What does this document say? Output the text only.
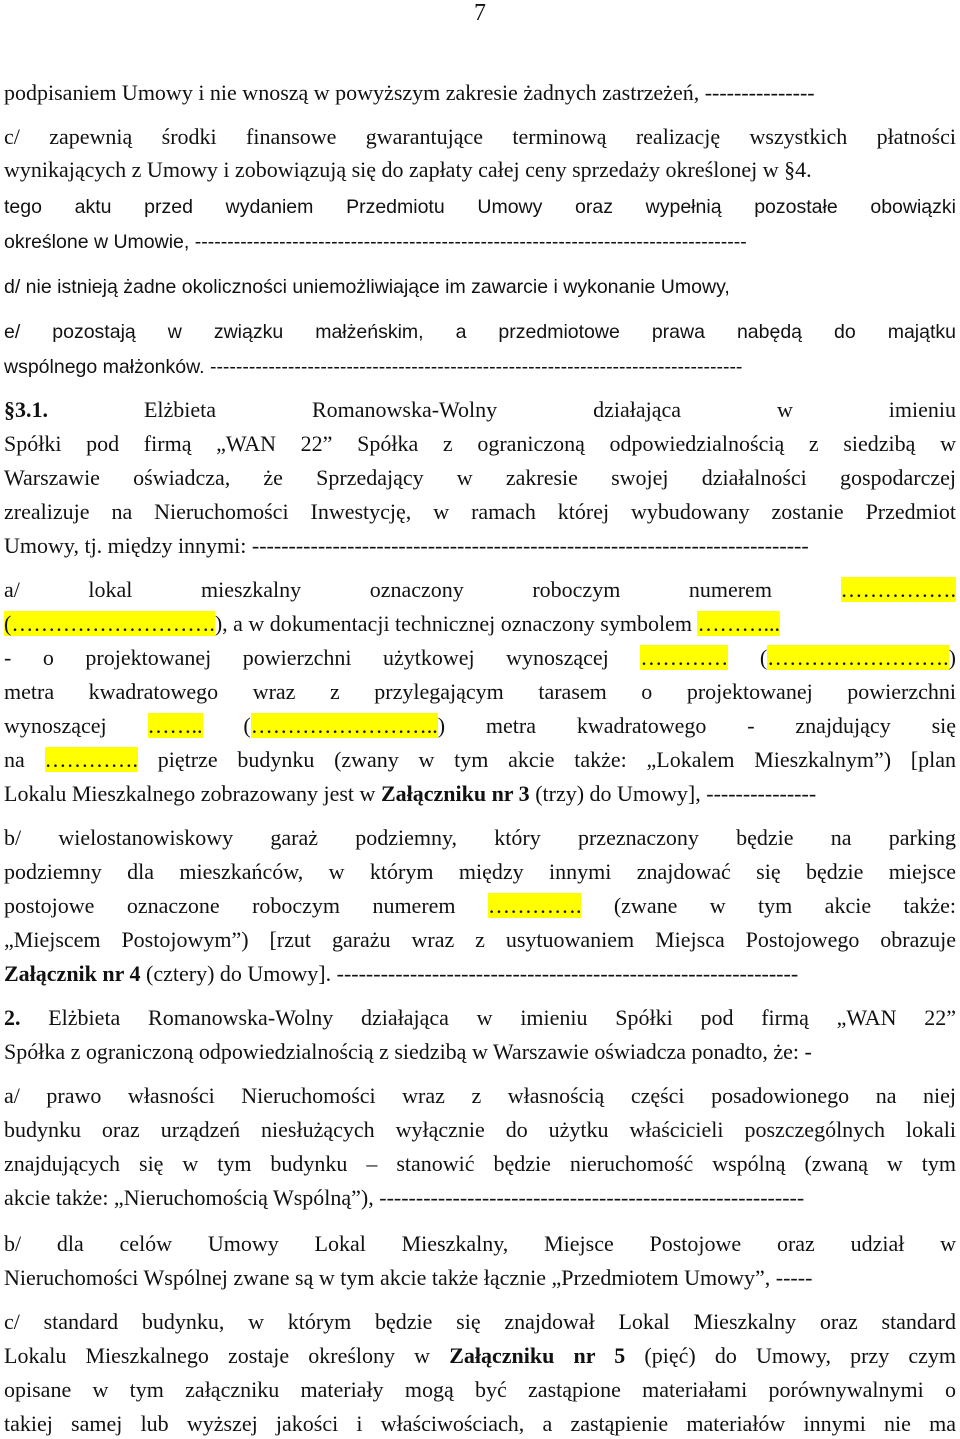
7
podpisaniem Umowy i nie wnoszą w powyższym zakresie żadnych zastrzeżeń, ---------------
c/ zapewnią środki finansowe gwarantujące terminową realizację wszystkich płatności
wynikających z Umowy i zobowiązują się do zapłaty całej ceny sprzedaży określonej w §4.
tego aktu przed wydaniem Przedmiotu Umowy oraz wypełnią pozostałe obowiązki
określone w Umowie, -------------------------------------------------------------------------------------
d/ nie istnieją żadne okoliczności uniemożliwiające im zawarcie i wykonanie Umowy,
e/ pozostają w związku małżeńskim, a przedmiotowe prawa nabędą do majątku
wspólnego małżonków. ----------------------------------------------------------------------------------
§3.1. Elżbieta Romanowska-Wolny działająca w imieniu
Spółki pod firmą „WAN 22” Spółka z ograniczoną odpowiedzialnością z siedzibą w
Warszawie oświadcza, że Sprzedający w zakresie swojej działalności gospodarczej
zrealizuje na Nieruchomości Inwestycję, w ramach której wybudowany zostanie Przedmiot
Umowy, tj. między innymi: ----------------------------------------------------------------------------
a/ lokal mieszkalny oznaczony roboczym numerem …………….
(……………………….), a w dokumentacji technicznej oznaczony symbolem ………...
- o projektowanej powierzchni użytkowej wynoszącej ………… (…………………….)
metra kwadratowego wraz z przylegającym tarasem o projektowanej powierzchni
wynoszącej …….. (……………………..) metra kwadratowego - znajdujący się
na …………. piętrze budynku (zwany w tym akcie także: „Lokalem Mieszkalnym”) [plan
Lokalu Mieszkalnego zobrazowany jest w Załączniku nr 3 (trzy) do Umowy], ---------------
b/ wielostanowiskowy garaż podziemny, który przeznaczony będzie na parking
podziemny dla mieszkańców, w którym między innymi znajdować się będzie miejsce
postojowe oznaczone roboczym numerem …………. (zwane w tym akcie także:
„Miejscem Postojowym”) [rzut garażu wraz z usytuowaniem Miejsca Postojowego obrazuje
Załącznik nr 4 (cztery) do Umowy]. ---------------------------------------------------------------
2. Elżbieta Romanowska-Wolny działająca w imieniu Spółki pod firmą „WAN 22”
Spółka z ograniczoną odpowiedzialnością z siedzibą w Warszawie oświadcza ponadto, że: -
a/ prawo własności Nieruchomości wraz z własnością części posadowionego na niej
budynku oraz urządzeń niesłużących wyłącznie do użytku właścicieli poszczególnych lokali
znajdujących się w tym budynku – stanowić będzie nieruchomość wspólną (zwaną w tym
akcie także: „Nieruchomością Wspólną”), ----------------------------------------------------------
b/ dla celów Umowy Lokal Mieszkalny, Miejsce Postojowe oraz udział w
Nieruchomości Wspólnej zwane są w tym akcie także łącznie „Przedmiotem Umowy”, -----
c/ standard budynku, w którym będzie się znajdował Lokal Mieszkalny oraz standard
Lokalu Mieszkalnego zostaje określony w Załączniku nr 5 (pięć) do Umowy, przy czym
opisane w tym załączniku materiały mogą być zastąpione materiałami porównywalnymi o
takiej samej lub wyższej jakości i właściwościach, a zastąpienie materiałów innymi nie ma
